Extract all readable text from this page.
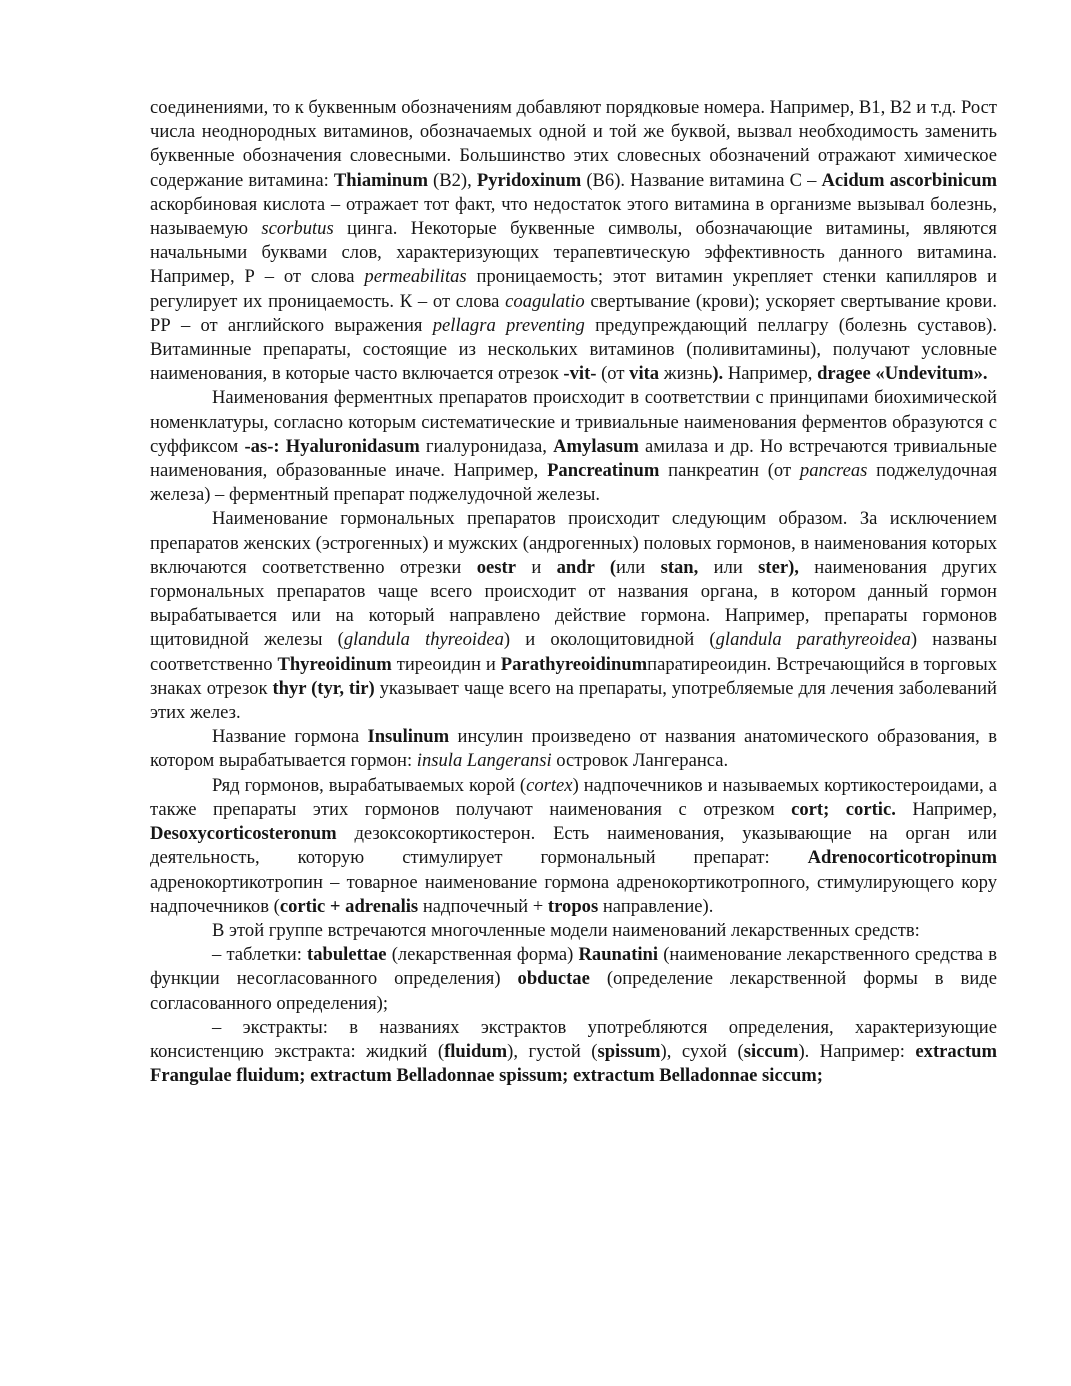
соединениями, то к буквенным обозначениям добавляют порядковые номера. Например, B1, B2 и т.д. Рост числа неоднородных витаминов, обозначаемых одной и той же буквой, вызвал необходимость заменить буквенные обозначения словесными. Большинство этих словесных обозначений отражают химическое содержание витамина: Thiaminum (B2), Pyridoxinum (B6). Название витамина С – Acidum ascorbinicum аскорбиновая кислота – отражает тот факт, что недостаток этого витамина в организме вызывал болезнь, называемую scorbutus цинга. Некоторые буквенные символы, обозначающие витамины, являются начальными буквами слов, характеризующих терапевтическую эффективность данного витамина. Например, Р – от слова permeabilitas проницаемость; этот витамин укрепляет стенки капилляров и регулирует их проницаемость. К – от слова coagulatio свертывание (крови); ускоряет свертывание крови. РР – от английского выражения pellagra preventing предупреждающий пеллагру (болезнь суставов). Витаминные препараты, состоящие из нескольких витаминов (поливитамины), получают условные наименования, в которые часто включается отрезок -vit- (от vita жизнь). Например, dragee «Undevitum».

Наименования ферментных препаратов происходит в соответствии с принципами биохимической номенклатуры, согласно которым систематические и тривиальные наименования ферментов образуются с суффиксом -as-: Hyaluronidasum гиалуронидаза, Amylasum амилаза и др. Но встречаются тривиальные наименования, образованные иначе. Например, Pancreatinum панкреатин (от pancreas поджелудочная железа) – ферментный препарат поджелудочной железы.

Наименование гормональных препаратов происходит следующим образом. За исключением препаратов женских (эстрогенных) и мужских (андрогенных) половых гормонов, в наименования которых включаются соответственно отрезки oestr и andr (или stan, или ster), наименования других гормональных препаратов чаще всего происходит от названия органа, в котором данный гормон вырабатывается или на который направлено действие гормона. Например, препараты гормонов щитовидной железы (glandula thyreoidea) и околощитовидной (glandula parathyreoidea) названы соответственно Thyreoidinum тиреоидин и Parathyreoidinumпаратиреоидин. Встречающийся в торговых знаках отрезок thyr (tyr, tir) указывает чаще всего на препараты, употребляемые для лечения заболеваний этих желез.

Название гормона Insulinum инсулин произведено от названия анатомического образования, в котором вырабатывается гормон: insula Langeransi островок Лангеранса.

Ряд гормонов, вырабатываемых корой (cortex) надпочечников и называемых кортикостероидами, а также препараты этих гормонов получают наименования с отрезком cort; cortic. Например, Desoxycorticosteronum дезоксокортикостерон. Есть наименования, указывающие на орган или деятельность, которую стимулирует гормональный препарат: Adrenocorticotropinum адренокортикотропин – товарное наименование гормона адренокортикотропного, стимулирующего кору надпочечников (cortic + adrenalis надпочечный + tropos направление).

В этой группе встречаются многочленные модели наименований лекарственных средств:

– таблетки: tabulettae (лекарственная форма) Raunatini (наименование лекарственного средства в функции несогласованного определения) obductae (определение лекарственной формы в виде согласованного определения);

– экстракты: в названиях экстрактов употребляются определения, характеризующие консистенцию экстракта: жидкий (fluidum), густой (spissum), сухой (siccum). Например: extractum Frangulae fluidum; extractum Belladonnae spissum; extractum Belladonnae siccum;
